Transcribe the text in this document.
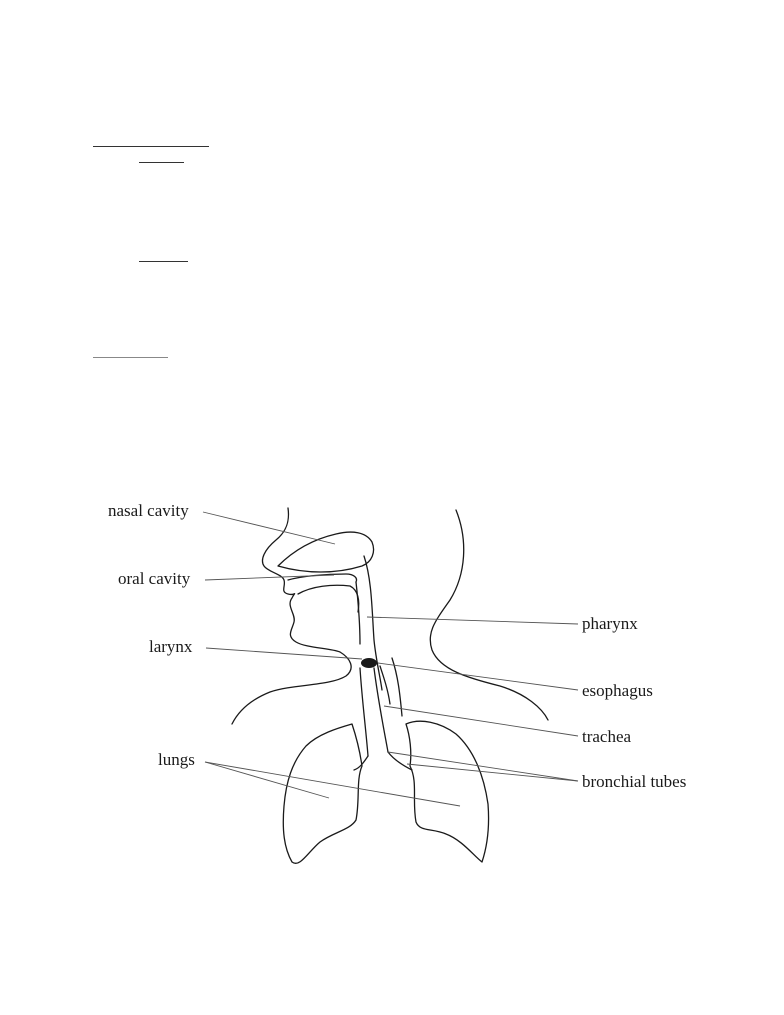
nasal cavity
oral cavity
larynx
lungs
pharynx
esophagus
trachea
bronchial tubes
